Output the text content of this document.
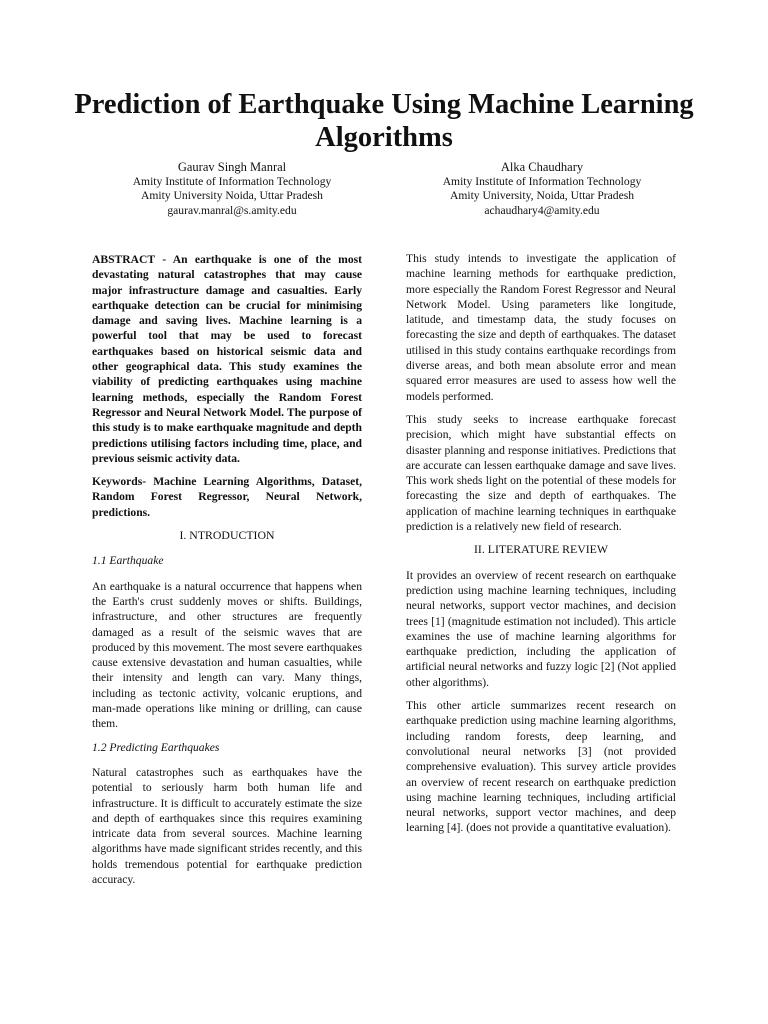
Prediction of Earthquake Using Machine Learning Algorithms
Gaurav Singh Manral
Amity Institute of Information Technology
Amity University Noida, Uttar Pradesh
gaurav.manral@s.amity.edu
Alka Chaudhary
Amity Institute of Information Technology
Amity University, Noida, Uttar Pradesh
achaudhary4@amity.edu

ABSTRACT - An earthquake is one of the most devastating natural catastrophes that may cause major infrastructure damage and casualties. Early earthquake detection can be crucial for minimising damage and saving lives. Machine learning is a powerful tool that may be used to forecast earthquakes based on historical seismic data and other geographical data. This study examines the viability of predicting earthquakes using machine learning methods, especially the Random Forest Regressor and Neural Network Model. The purpose of this study is to make earthquake magnitude and depth predictions utilising factors including time, place, and previous seismic activity data.

Keywords- Machine Learning Algorithms, Dataset, Random Forest Regressor, Neural Network, predictions.

I. NTRODUCTION
1.1 Earthquake

An earthquake is a natural occurrence that happens when the Earth's crust suddenly moves or shifts. Buildings, infrastructure, and other structures are frequently damaged as a result of the seismic waves that are produced by this movement. The most severe earthquakes cause extensive devastation and human casualties, while their intensity and length can vary. Many things, including as tectonic activity, volcanic eruptions, and man-made operations like mining or drilling, can cause them.

1.2 Predicting Earthquakes

Natural catastrophes such as earthquakes have the potential to seriously harm both human life and infrastructure. It is difficult to accurately estimate the size and depth of earthquakes since this requires examining intricate data from several sources. Machine learning algorithms have made significant strides recently, and this holds tremendous potential for earthquake prediction accuracy.

This study intends to investigate the application of machine learning methods for earthquake prediction, more especially the Random Forest Regressor and Neural Network Model. Using parameters like longitude, latitude, and timestamp data, the study focuses on forecasting the size and depth of earthquakes. The dataset utilised in this study contains earthquake recordings from diverse areas, and both mean absolute error and mean squared error measures are used to assess how well the models performed.

This study seeks to increase earthquake forecast precision, which might have substantial effects on disaster planning and response initiatives. Predictions that are accurate can lessen earthquake damage and save lives. This work sheds light on the potential of these models for forecasting the size and depth of earthquakes. The application of machine learning techniques in earthquake prediction is a relatively new field of research.

II. LITERATURE REVIEW

It provides an overview of recent research on earthquake prediction using machine learning techniques, including neural networks, support vector machines, and decision trees [1] (magnitude estimation not included). This article examines the use of machine learning algorithms for earthquake prediction, including the application of artificial neural networks and fuzzy logic [2] (Not applied other algorithms).

This other article summarizes recent research on earthquake prediction using machine learning algorithms, including random forests, deep learning, and convolutional neural networks [3] (not provided comprehensive evaluation). This survey article provides an overview of recent research on earthquake prediction using machine learning techniques, including artificial neural networks, support vector machines, and deep learning [4]. (does not provide a quantitative evaluation).
